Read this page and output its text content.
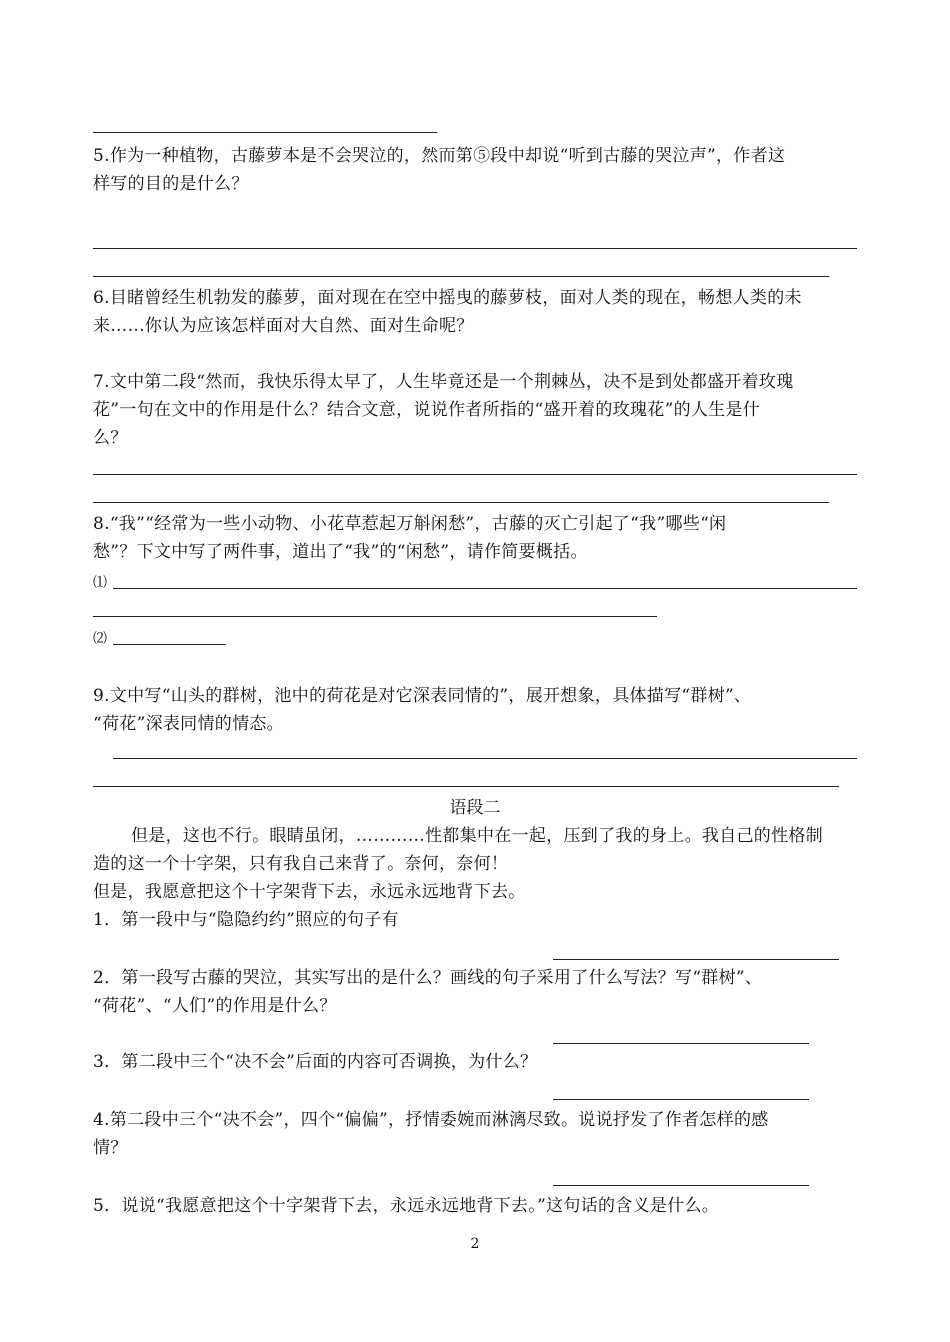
5.作为一种植物，古藤萝本是不会哭泣的，然而第⑤段中却说“听到古藤的哭泣声”，作者这
样写的目的是什么？
6.目睹曾经生机勃发的藤萝，面对现在在空中摇曳的藤萝枝，面对人类的现在，畅想人类的未
来……你认为应该怎样面对大自然、面对生命呢？
7.文中第二段“然而，我快乐得太早了，人生毕竟还是一个荆棘丛，决不是到处都盛开着玫瑰
花”一句在文中的作用是什么？结合文意，说说作者所指的“盛开着的玫瑰花”的人生是什
么？
8.“我”“经常为一些小动物、小花草惹起万斛闲愁”，古藤的灭亡引起了“我”哪些“闲
愁”？下文中写了两件事，道出了“我”的“闲愁”，请作简要概括。
⑴
⑵
9.文中写“山头的群树，池中的荷花是对它深表同情的”，展开想象，具体描写“群树”、
“荷花”深表同情的情态。
语段二
但是，这也不行。眼睛虽闭，…………性都集中在一起，压到了我的身上。我自己的性格制
造的这一个十字架，只有我自己来背了。奈何，奈何！
但是，我愿意把这个十字架背下去，永远永远地背下去。
1．第一段中与“隐隐约约”照应的句子有
2．第一段写古藤的哭泣，其实写出的是什么？画线的句子采用了什么写法？写“群树”、
“荷花”、“人们”的作用是什么？
3．第二段中三个“决不会”后面的内容可否调换，为什么？
4.第二段中三个“决不会”，四个“偏偏”，抒情委婉而淋漓尽致。说说抒发了作者怎样的感
情？
5．说说“我愿意把这个十字架背下去，永远永远地背下去。”这句话的含义是什么。
2
